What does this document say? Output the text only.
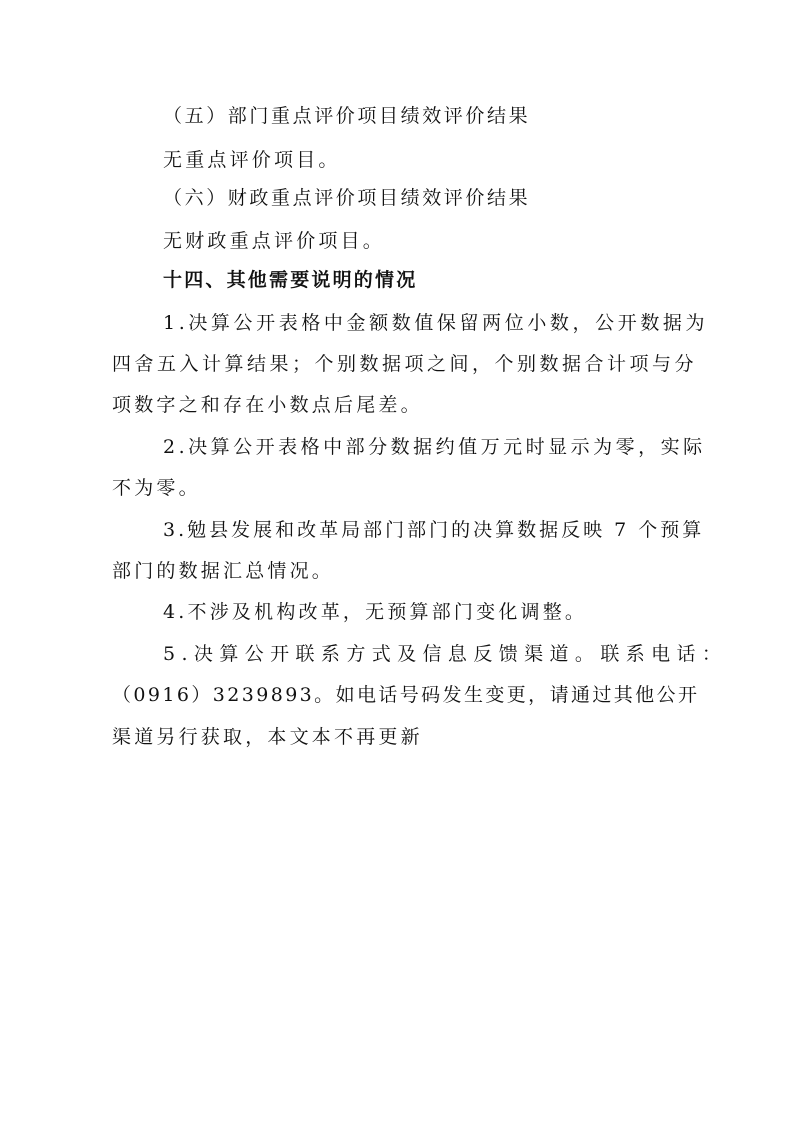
（五）部门重点评价项目绩效评价结果
无重点评价项目。
（六）财政重点评价项目绩效评价结果
无财政重点评价项目。
十四、其他需要说明的情况
1.决算公开表格中金额数值保留两位小数，公开数据为
四舍五入计算结果；个别数据项之间，个别数据合计项与分
项数字之和存在小数点后尾差。
2.决算公开表格中部分数据约值万元时显示为零，实际
不为零。
3.勉县发展和改革局部门部门的决算数据反映 7 个预算
部门的数据汇总情况。
4.不涉及机构改革，无预算部门变化调整。
5.决算公开联系方式及信息反馈渠道。联系电话：
（0916）3239893。如电话号码发生变更，请通过其他公开
渠道另行获取，本文本不再更新
